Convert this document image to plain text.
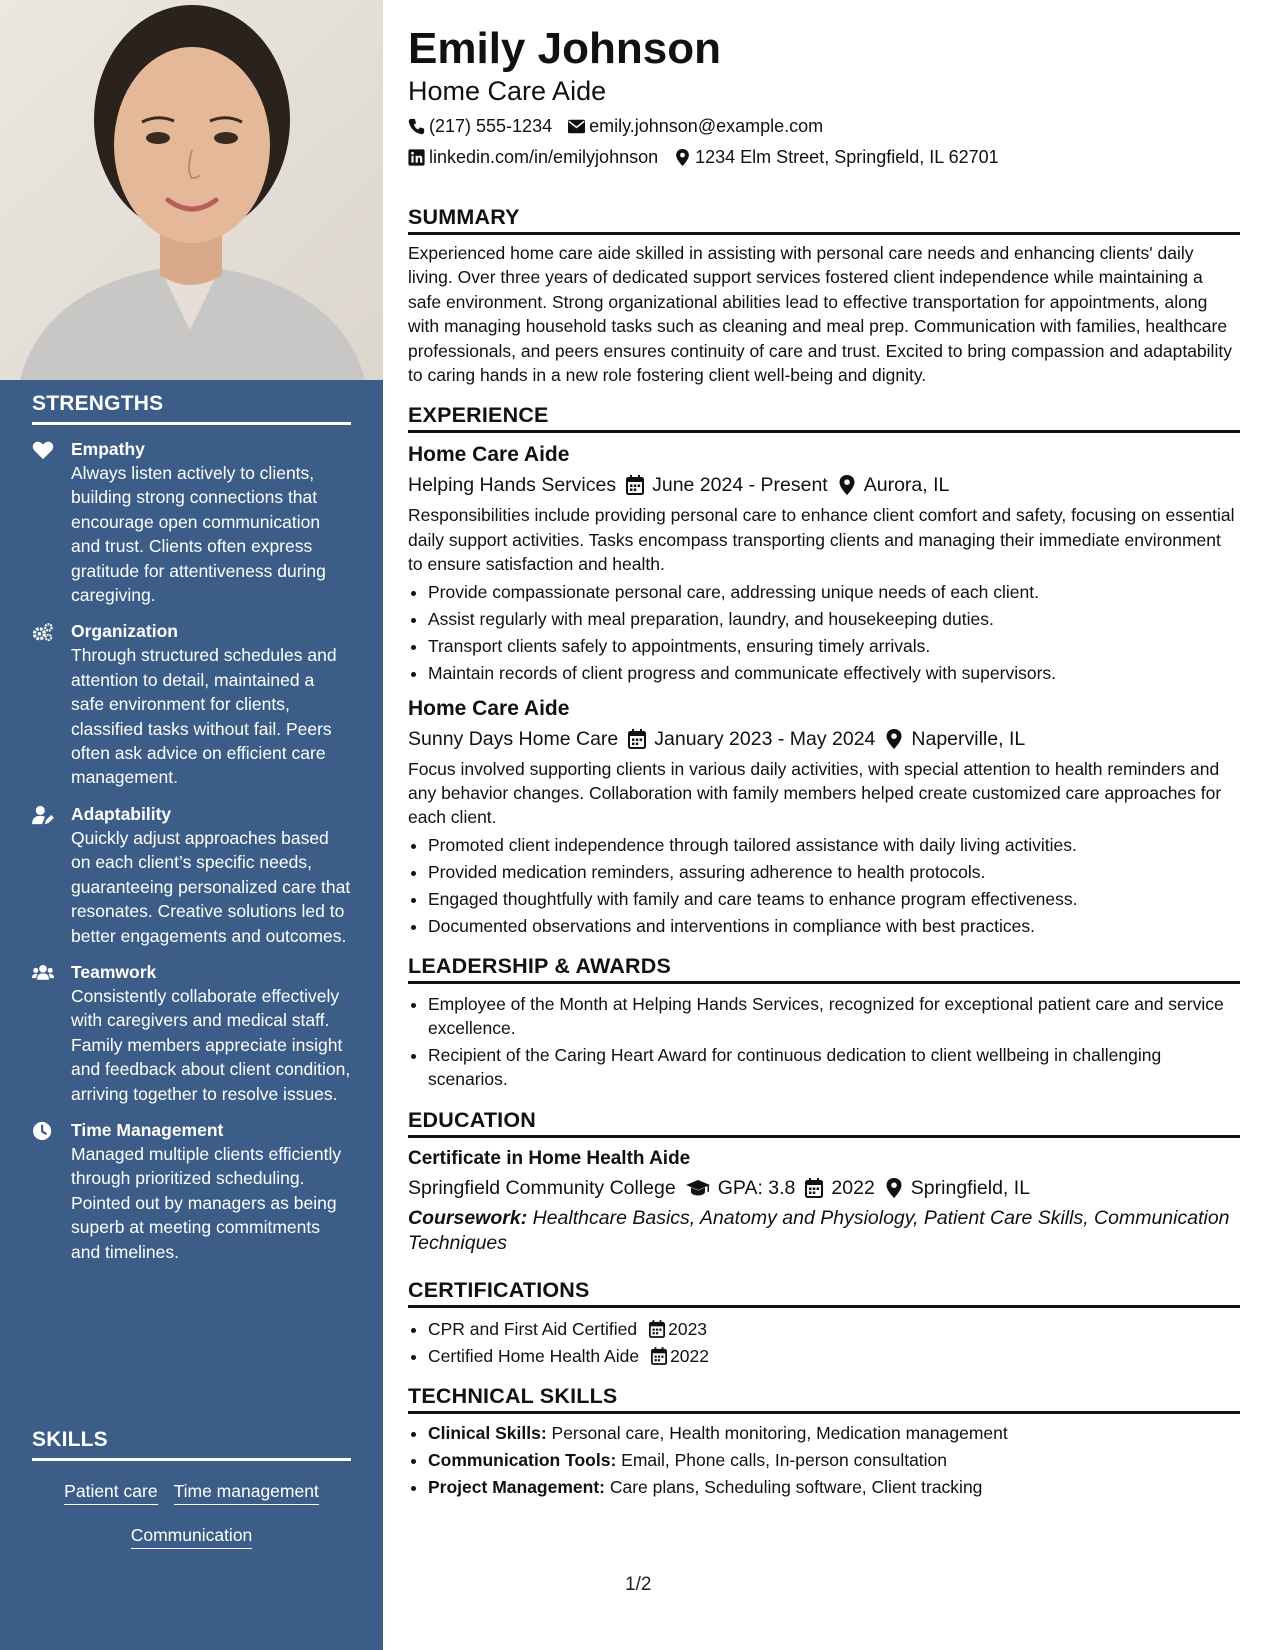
STRENGTHS
Empathy
Always listen actively to clients, building strong connections that encourage open communication and trust. Clients often express gratitude for attentiveness during caregiving.
Organization
Through structured schedules and attention to detail, maintained a safe environment for clients, classified tasks without fail. Peers often ask advice on efficient care management.
Adaptability
Quickly adjust approaches based on each client’s specific needs, guaranteeing personalized care that resonates. Creative solutions led to better engagements and outcomes.
Teamwork
Consistently collaborate effectively with caregivers and medical staff. Family members appreciate insight and feedback about client condition, arriving together to resolve issues.
Time Management
Managed multiple clients efficiently through prioritized scheduling. Pointed out by managers as being superb at meeting commitments and timelines.
SKILLS
Patient care Time management
Communication
Emily Johnson
Home Care Aide
(217) 555-1234 emily.johnson@example.com
linkedin.com/in/emilyjohnson 1234 Elm Street, Springfield, IL 62701
SUMMARY
Experienced home care aide skilled in assisting with personal care needs and enhancing clients' daily living. Over three years of dedicated support services fostered client independence while maintaining a safe environment. Strong organizational abilities lead to effective transportation for appointments, along with managing household tasks such as cleaning and meal prep. Communication with families, healthcare professionals, and peers ensures continuity of care and trust. Excited to bring compassion and adaptability to caring hands in a new role fostering client well-being and dignity.
EXPERIENCE
Home Care Aide
Helping Hands Services June 2024 - Present Aurora, IL
Responsibilities include providing personal care to enhance client comfort and safety, focusing on essential daily support activities. Tasks encompass transporting clients and managing their immediate environment to ensure satisfaction and health.
• Provide compassionate personal care, addressing unique needs of each client.
• Assist regularly with meal preparation, laundry, and housekeeping duties.
• Transport clients safely to appointments, ensuring timely arrivals.
• Maintain records of client progress and communicate effectively with supervisors.
Home Care Aide
Sunny Days Home Care January 2023 - May 2024 Naperville, IL
Focus involved supporting clients in various daily activities, with special attention to health reminders and any behavior changes. Collaboration with family members helped create customized care approaches for each client.
• Promoted client independence through tailored assistance with daily living activities.
• Provided medication reminders, assuring adherence to health protocols.
• Engaged thoughtfully with family and care teams to enhance program effectiveness.
• Documented observations and interventions in compliance with best practices.
LEADERSHIP & AWARDS
• Employee of the Month at Helping Hands Services, recognized for exceptional patient care and service excellence.
• Recipient of the Caring Heart Award for continuous dedication to client wellbeing in challenging scenarios.
EDUCATION
Certificate in Home Health Aide
Springfield Community College GPA: 3.8 2022 Springfield, IL
Coursework: Healthcare Basics, Anatomy and Physiology, Patient Care Skills, Communication Techniques
CERTIFICATIONS
• CPR and First Aid Certified 2023
• Certified Home Health Aide 2022
TECHNICAL SKILLS
• Clinical Skills: Personal care, Health monitoring, Medication management
• Communication Tools: Email, Phone calls, In-person consultation
• Project Management: Care plans, Scheduling software, Client tracking
1/2
